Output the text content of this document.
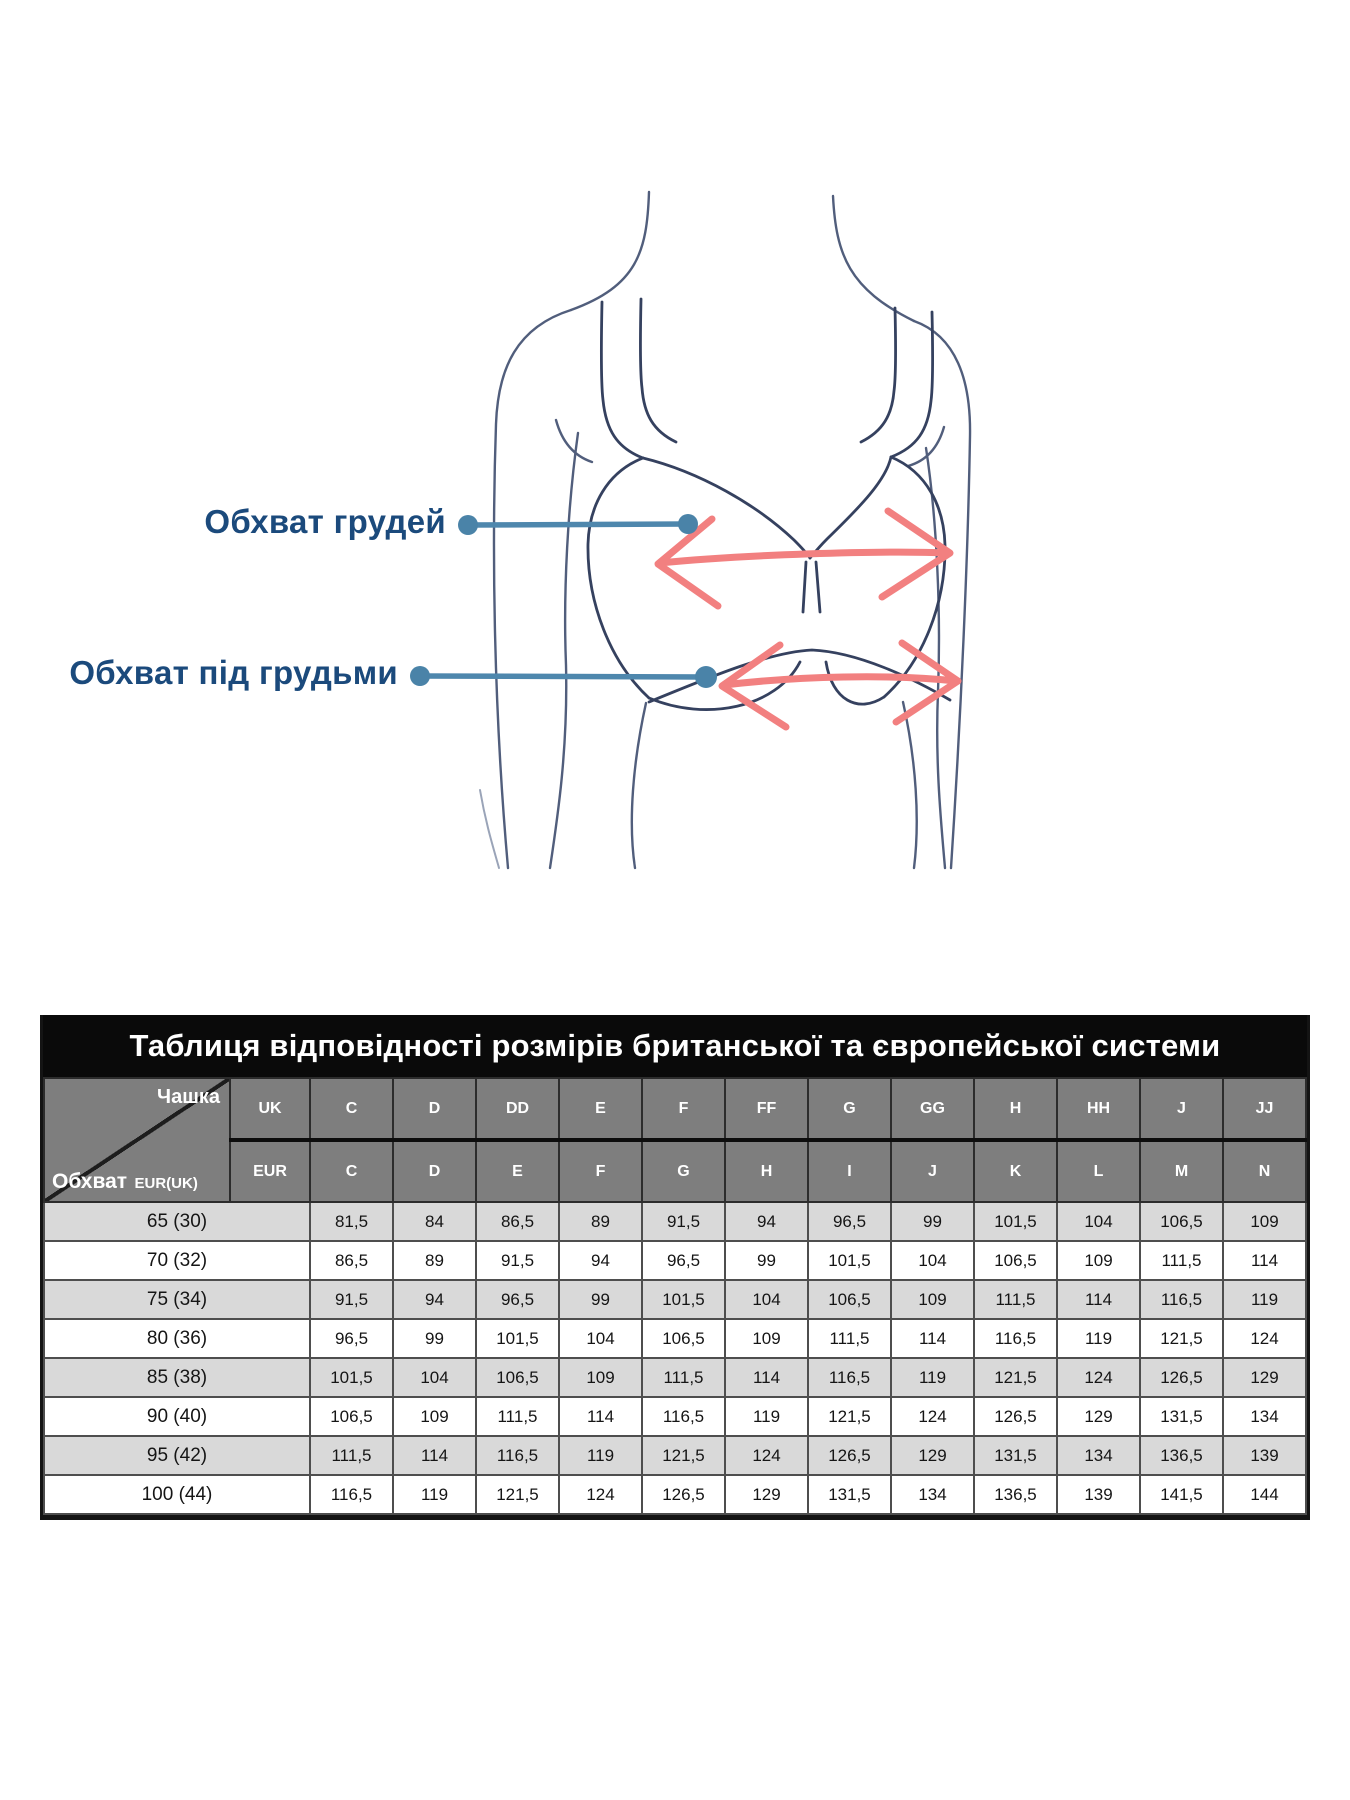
Обхват грудей
Обхват під грудьми
Таблиця відповідності розмірів британської та європейської системи
Чашка
Обхват EUR(UK)	UK	C	D	DD	E	F	FF	G	GG	H	HH	J	JJ
	EUR	C	D	E	F	G	H	I	J	K	L	M	N
65 (30)		81,5	84	86,5	89	91,5	94	96,5	99	101,5	104	106,5	109
70 (32)		86,5	89	91,5	94	96,5	99	101,5	104	106,5	109	111,5	114
75 (34)		91,5	94	96,5	99	101,5	104	106,5	109	111,5	114	116,5	119
80 (36)		96,5	99	101,5	104	106,5	109	111,5	114	116,5	119	121,5	124
85 (38)		101,5	104	106,5	109	111,5	114	116,5	119	121,5	124	126,5	129
90 (40)		106,5	109	111,5	114	116,5	119	121,5	124	126,5	129	131,5	134
95 (42)		111,5	114	116,5	119	121,5	124	126,5	129	131,5	134	136,5	139
100 (44)		116,5	119	121,5	124	126,5	129	131,5	134	136,5	139	141,5	144
